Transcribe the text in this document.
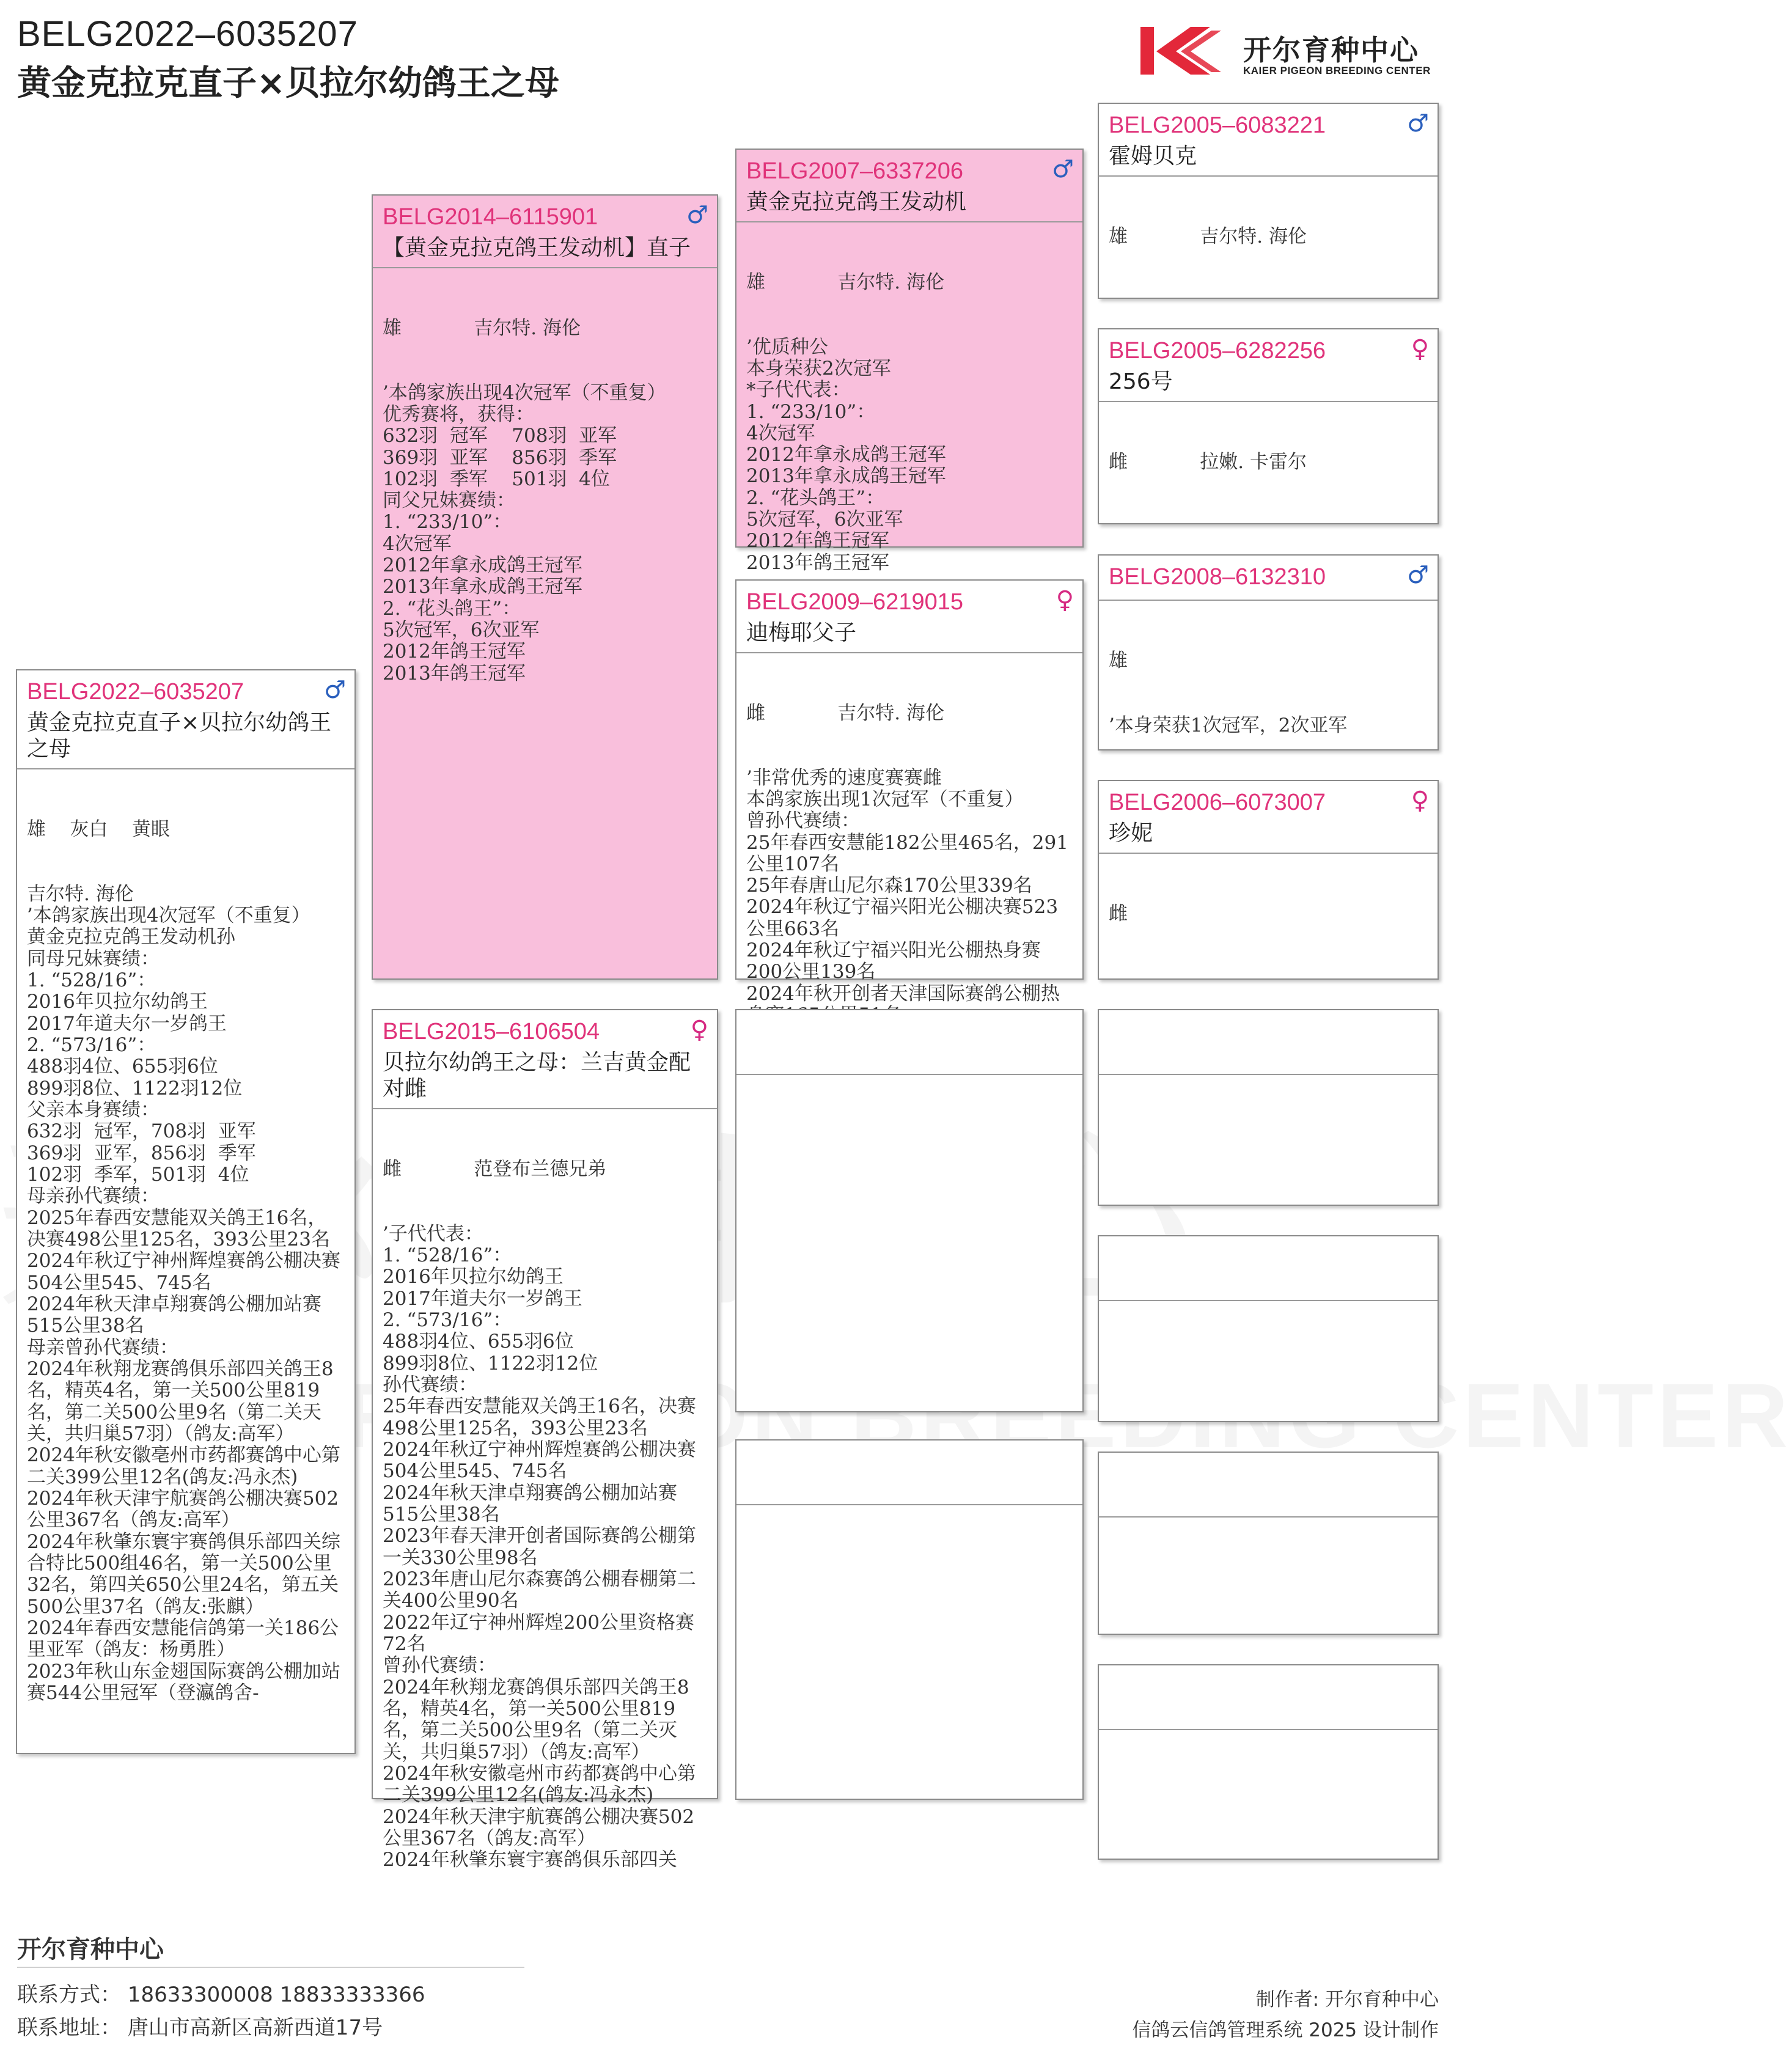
BELG2022–6035207
黄金克拉克直子×贝拉尔幼鸽王之母
开尔育种中心
KAIER PIGEON BREEDING CENTER
BELG2022–6035207	♂
黄金克拉克直子×贝拉尔幼鸽王之母

雄    灰白    黄眼

吉尔特. 海伦
’本鸽家族出现4次冠军（不重复）
黄金克拉克鸽王发动机孙
同母兄妹赛绩：
1. “528/16”：
2016年贝拉尔幼鸽王
2017年道夫尔一岁鸽王
2. “573/16”：
488羽4位、655羽6位
899羽8位、1122羽12位
父亲本身赛绩：
632羽  冠军，708羽  亚军
369羽  亚军，856羽  季军
102羽  季军，501羽  4位
母亲孙代赛绩：
2025年春西安慧能双关鸽王16名，决赛498公里125名，393公里23名
2024年秋辽宁神州辉煌赛鸽公棚决赛504公里545、745名
2024年秋天津卓翔赛鸽公棚加站赛515公里38名
母亲曾孙代赛绩：
2024年秋翔龙赛鸽俱乐部四关鸽王8名，精英4名，第一关500公里819名，第二关500公里9名（第二关天关，共归巢57羽）（鸽友:高军）
2024年秋安徽亳州市药都赛鸽中心第二关399公里12名(鸽友:冯永杰)
2024年秋天津宇航赛鸽公棚决赛502公里367名（鸽友:高军）
2024年秋肇东寰宇赛鸽俱乐部四关综合特比500组46名，第一关500公里32名，第四关650公里24名，第五关500公里37名（鸽友:张麒）
2024年春西安慧能信鸽第一关186公里亚军（鸽友：杨勇胜）
2023年秋山东金翅国际赛鸽公棚加站赛544公里冠军（登瀛鸽舍-

BELG2014–6115901	♂
【黄金克拉克鸽王发动机】直子

雄            吉尔特. 海伦

’本鸽家族出现4次冠军（不重复）
优秀赛将，获得：
632羽  冠军    708羽  亚军
369羽  亚军    856羽  季军
102羽  季军    501羽  4位
同父兄妹赛绩：
1. “233/10”：
4次冠军
2012年拿永成鸽王冠军
2013年拿永成鸽王冠军
2. “花头鸽王”：
5次冠军，6次亚军
2012年鸽王冠军
2013年鸽王冠军

BELG2015–6106504	♀
贝拉尔幼鸽王之母：兰吉黄金配对雌

雌            范登布兰德兄弟

’子代代表：
1. “528/16”：
2016年贝拉尔幼鸽王
2017年道夫尔一岁鸽王
2. “573/16”：
488羽4位、655羽6位
899羽8位、1122羽12位
孙代赛绩：
25年春西安慧能双关鸽王16名，决赛498公里125名，393公里23名
2024年秋辽宁神州辉煌赛鸽公棚决赛504公里545、745名
2024年秋天津卓翔赛鸽公棚加站赛515公里38名
2023年春天津开创者国际赛鸽公棚第一关330公里98名
2023年唐山尼尔森赛鸽公棚春棚第二关400公里90名
2022年辽宁神州辉煌200公里资格赛72名
曾孙代赛绩：
2024年秋翔龙赛鸽俱乐部四关鸽王8名，精英4名，第一关500公里819名，第二关500公里9名（第二关灭关，共归巢57羽）（鸽友:高军）
2024年秋安徽亳州市药都赛鸽中心第二关399公里12名(鸽友:冯永杰)
2024年秋天津宇航赛鸽公棚决赛502公里367名（鸽友:高军）
2024年秋肇东寰宇赛鸽俱乐部四关

BELG2007–6337206	♂
黄金克拉克鸽王发动机

雄            吉尔特. 海伦

’优质种公
本身荣获2次冠军
*子代代表：
1. “233/10”：
4次冠军
2012年拿永成鸽王冠军
2013年拿永成鸽王冠军
2. “花头鸽王”：
5次冠军，6次亚军
2012年鸽王冠军
2013年鸽王冠军

BELG2009–6219015	♀
迪梅耶父子

雌            吉尔特. 海伦

’非常优秀的速度赛赛雌
本鸽家族出现1次冠军（不重复）
曾孙代赛绩：
25年春西安慧能182公里465名，291公里107名
25年春唐山尼尔森170公里339名
2024年秋辽宁福兴阳光公棚决赛523公里663名
2024年秋辽宁福兴阳光公棚热身赛200公里139名
2024年秋开创者天津国际赛鸽公棚热

BELG2005–6083221	♂
霍姆贝克

雄            吉尔特. 海伦

BELG2005–6282256	♀
256号

雌            拉嫩. 卡雷尔

BELG2008–6132310	♂

雄

’本身荣获1次冠军，2次亚军

BELG2006–6073007	♀
珍妮

雌

开尔育种中心
联系方式： 18633300008 18833333366
联系地址： 唐山市高新区高新西道17号
制作者: 开尔育种中心
信鸽云信鸽管理系统 2025 设计制作
